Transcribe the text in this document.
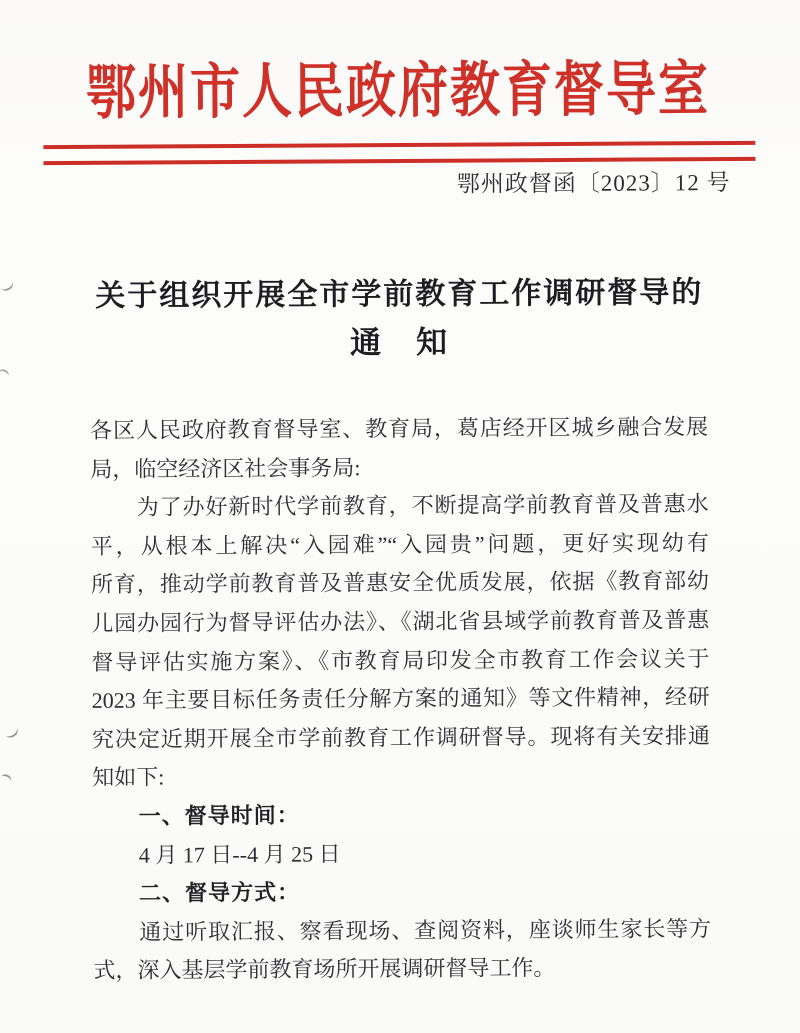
鄂州市人民政府教育督导室
鄂州政督函〔2023〕12 号
关于组织开展全市学前教育工作调研督导的
通　知
各区人民政府教育督导室、教育局，葛店经开区城乡融合发展
局，临空经济区社会事务局:
为了办好新时代学前教育，不断提高学前教育普及普惠水
平，从根本上解决“入园难”“入园贵”问题，更好实现幼有
所育，推动学前教育普及普惠安全优质发展，依据《教育部幼
儿园办园行为督导评估办法》、《湖北省县域学前教育普及普惠
督导评估实施方案》、《市教育局印发全市教育工作会议关于
2023 年主要目标任务责任分解方案的通知》等文件精神，经研
究决定近期开展全市学前教育工作调研督导。现将有关安排通
知如下:
一、督导时间：
4 月 17 日--4 月 25 日
二、督导方式：
通过听取汇报、察看现场、查阅资料，座谈师生家长等方
式，深入基层学前教育场所开展调研督导工作。
